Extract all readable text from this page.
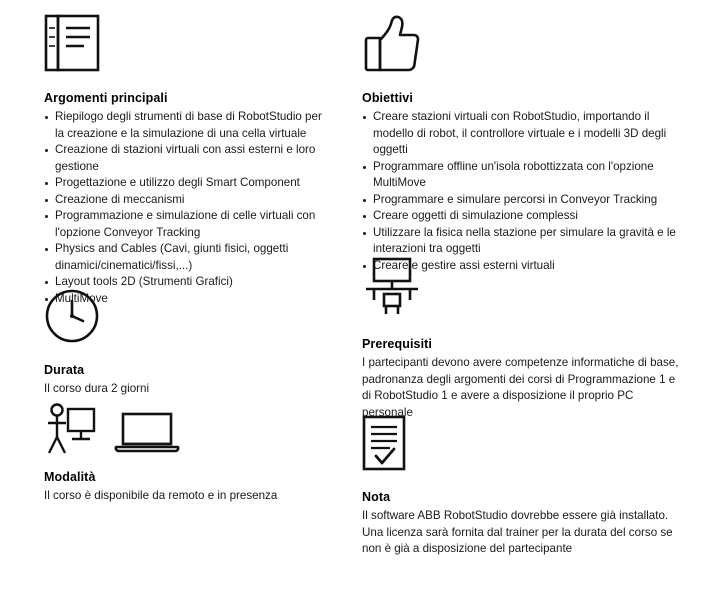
Argomenti principali
Riepilogo degli strumenti di base di RobotStudio per la creazione e la simulazione di una cella virtuale
Creazione di stazioni virtuali con assi esterni e loro gestione
Progettazione e utilizzo degli Smart Component
Creazione di meccanismi
Programmazione e simulazione di celle virtuali con l'opzione Conveyor Tracking
Physics and Cables (Cavi, giunti fisici, oggetti dinamici/cinematici/fissi,...)
Layout tools 2D (Strumenti Grafici)
MultiMove
Obiettivi
Creare stazioni virtuali con RobotStudio, importando il modello di robot, il controllore virtuale e i modelli 3D degli oggetti
Programmare offline un'isola robottizzata con l'opzione MultiMove
Programmare e simulare percorsi in Conveyor Tracking
Creare oggetti di simulazione complessi
Utilizzare la fisica nella stazione per simulare la gravità e le interazioni tra oggetti
Creare e gestire assi esterni virtuali
Durata

Il corso dura 2 giorni

Prerequisiti

I partecipanti devono avere competenze informatiche di base, padronanza degli argomenti dei corsi di Programmazione 1 e di RobotStudio 1 e avere a disposizione il proprio PC personale

Modalità

Il corso è disponibile da remoto e in presenza	Nota

Il software ABB RobotStudio dovrebbe essere già installato. Una licenza sarà fornita dal trainer per la durata del corso se non è già a disposizione del partecipante
